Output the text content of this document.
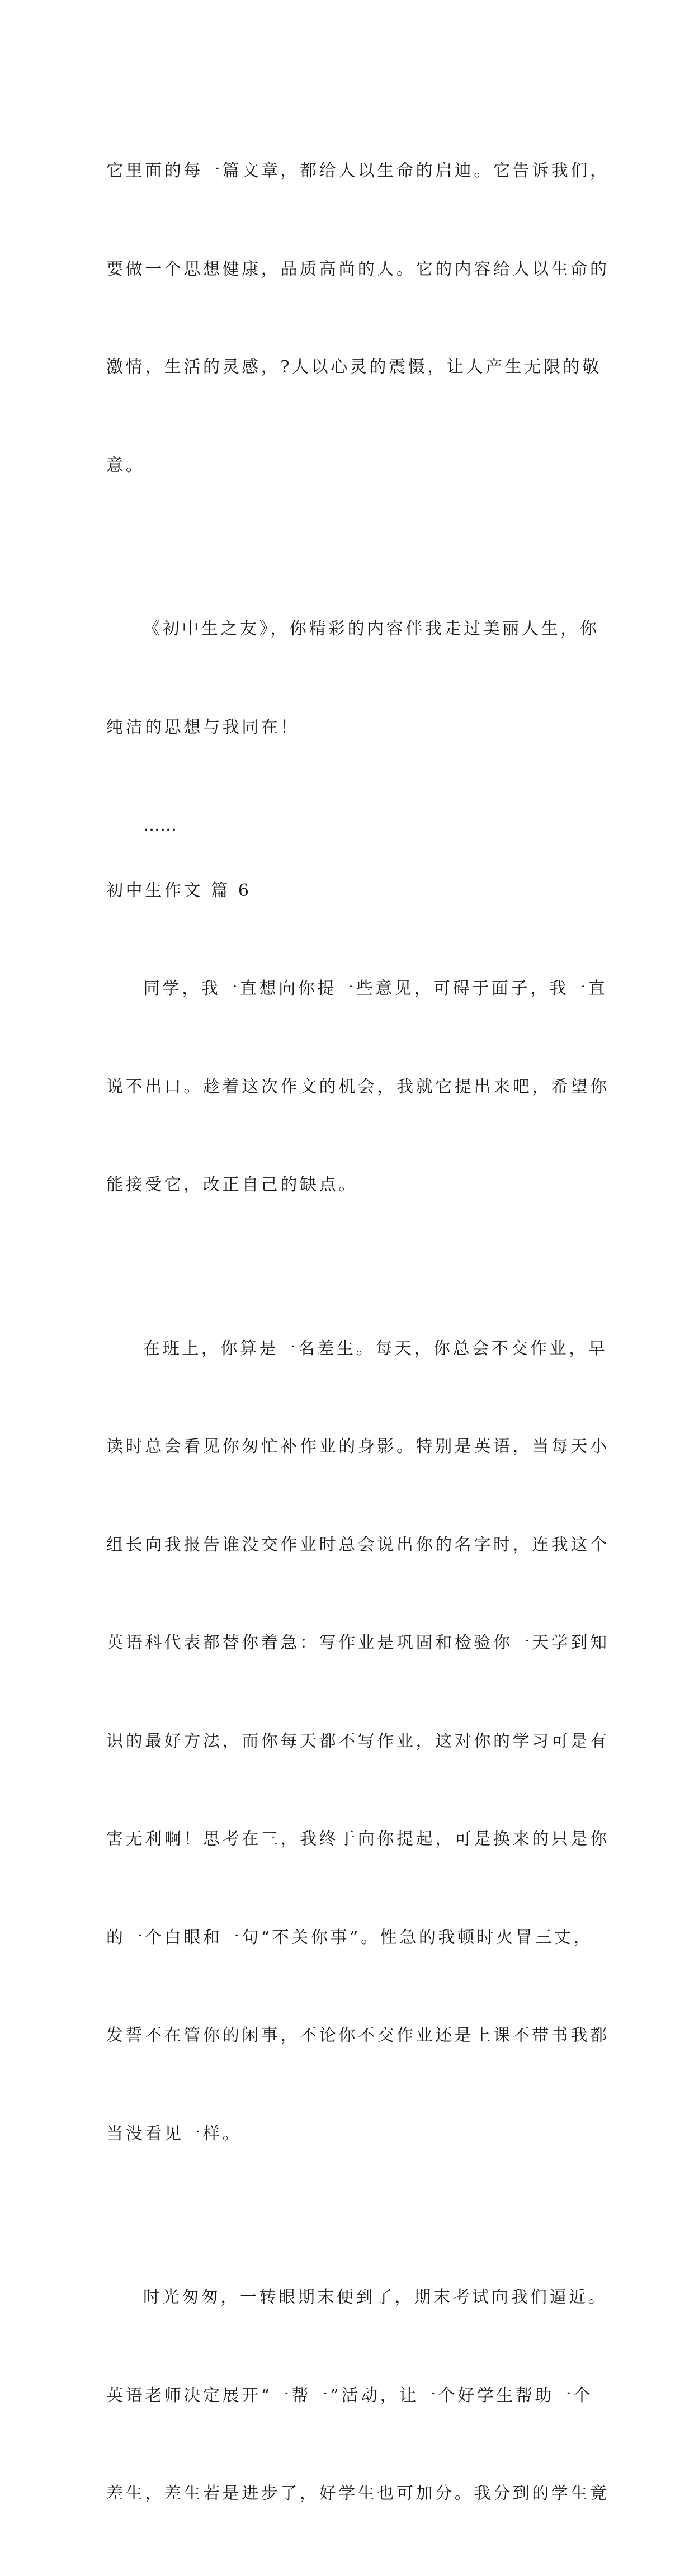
它里面的每一篇文章，都给人以生命的启迪。它告诉我们，

要做一个思想健康，品质高尚的人。它的内容给人以生命的

激情，生活的灵感，?人以心灵的震慑，让人产生无限的敬

意。

《初中生之友》，你精彩的内容伴我走过美丽人生，你

纯洁的思想与我同在！

……
初中生作文 篇 6

同学，我一直想向你提一些意见，可碍于面子，我一直

说不出口。趁着这次作文的机会，我就它提出来吧，希望你

能接受它，改正自己的缺点。

在班上，你算是一名差生。每天，你总会不交作业，早

读时总会看见你匆忙补作业的身影。特别是英语，当每天小

组长向我报告谁没交作业时总会说出你的名字时，连我这个

英语科代表都替你着急：写作业是巩固和检验你一天学到知

识的最好方法，而你每天都不写作业，这对你的学习可是有

害无利啊！思考在三，我终于向你提起，可是换来的只是你

的一个白眼和一句“不关你事”。性急的我顿时火冒三丈，

发誓不在管你的闲事，不论你不交作业还是上课不带书我都

当没看见一样。

时光匆匆，一转眼期末便到了，期末考试向我们逼近。

英语老师决定展开“一帮一”活动，让一个好学生帮助一个

差生，差生若是进步了，好学生也可加分。我分到的学生竟
